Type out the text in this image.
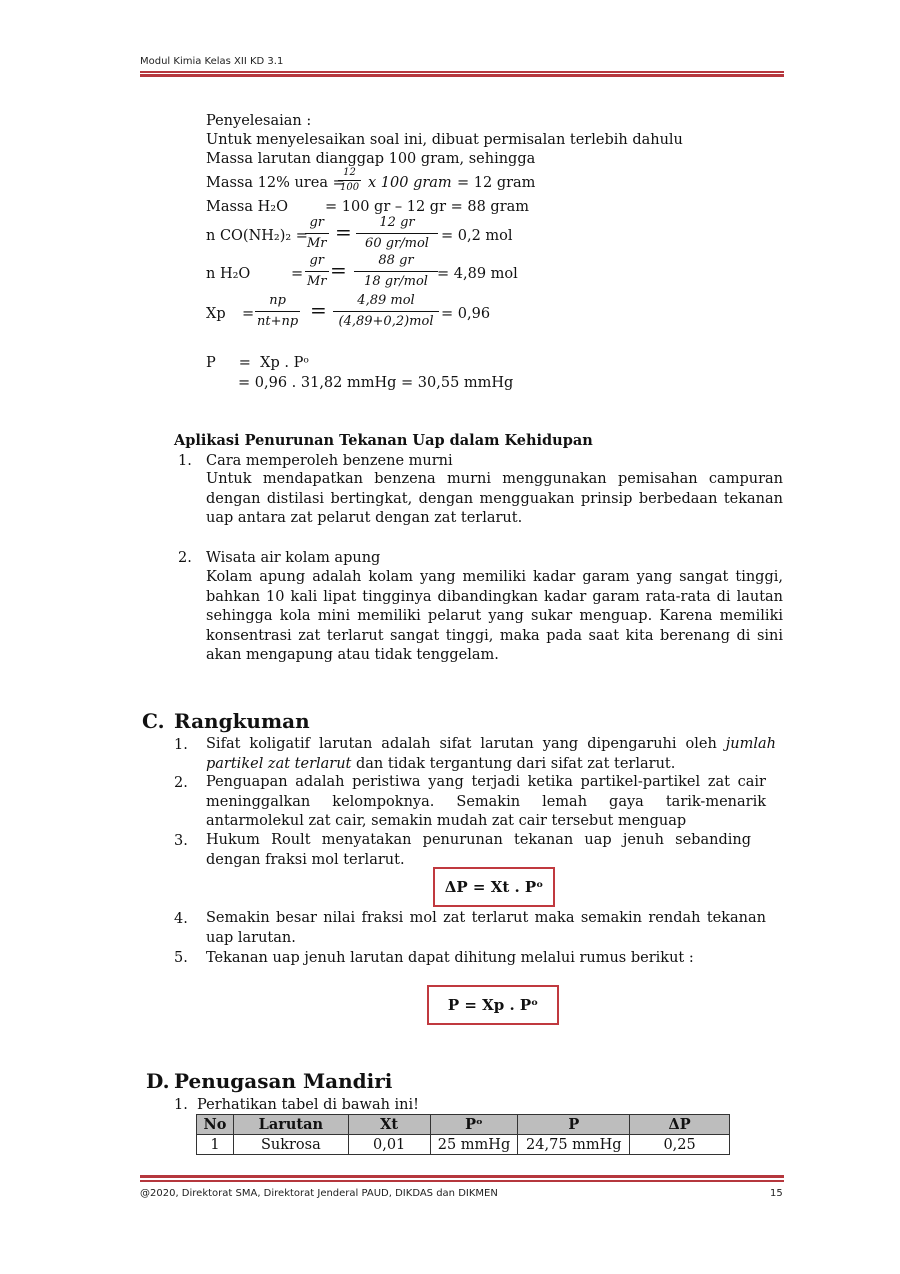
Modul Kimia Kelas XII KD 3.1
Penyelesaian :
Untuk menyelesaikan soal ini, dibuat permisalan terlebih dahulu
Massa larutan dianggap 100 gram, sehingga
Massa 12% urea =
$\frac{12}{100}$ x 100 gram = 12 gram
Massa H₂O	= 100 gr – 12 gr = 88 gram
n CO(NH₂)₂ =
$\frac{gr}{Mr} = 12$ gr
60 gr/mol = 0,2 mol
n H₂O	= $\frac{gr}{Mr} = 88$ gr
18 gr/mol = 4,89 mol
$Xp = \frac{np}{nt+np} = 4,89$ mol
(4,89+0,2)mol = 0,96
P     =  Xp . Pᵒ
= 0,96 . 31,82 mmHg = 30,55 mmHg
Aplikasi Penurunan Tekanan Uap dalam Kehidupan
1. Cara memperoleh benzene murni
Untuk mendapatkan benzena murni menggunakan pemisahan campuran dengan distilasi bertingkat, dengan mengguakan prinsip berbedaan tekanan uap antara zat pelarut dengan zat terlarut.
2. Wisata air kolam apung
Kolam apung adalah kolam yang memiliki kadar garam yang sangat tinggi, bahkan 10 kali lipat tingginya dibandingkan kadar garam rata-rata di lautan sehingga kola mini memiliki pelarut yang sukar menguap. Karena memiliki konsentrasi zat terlarut sangat tinggi, maka pada saat kita berenang di sini akan mengapung atau tidak tenggelam.
C. Rangkuman
1. Sifat koligatif larutan adalah sifat larutan yang dipengaruhi oleh jumlah partikel zat terlarut dan tidak tergantung dari sifat zat terlarut.
2. Penguapan adalah peristiwa yang terjadi ketika partikel-partikel zat cair meninggalkan kelompoknya. Semakin lemah gaya tarik-menarik antarmolekul zat cair, semakin mudah zat cair tersebut menguap
3. Hukum Roult menyatakan penurunan tekanan uap jenuh sebanding dengan fraksi mol terlarut.
ΔP = Xt . Pᵒ
4. Semakin besar nilai fraksi mol zat terlarut maka semakin rendah tekanan uap larutan.
5. Tekanan uap jenuh larutan dapat dihitung melalui rumus berikut :
P = Xp . Pᵒ
D. Penugasan Mandiri
1.  Perhatikan tabel di bawah ini!
No	Larutan	Xt	Pᵒ	P	ΔP
1	Sukrosa	0,01	25 mmHg	24,75 mmHg	0,25
@2020, Direktorat SMA, Direktorat Jenderal PAUD, DIKDAS dan DIKMEN	15
